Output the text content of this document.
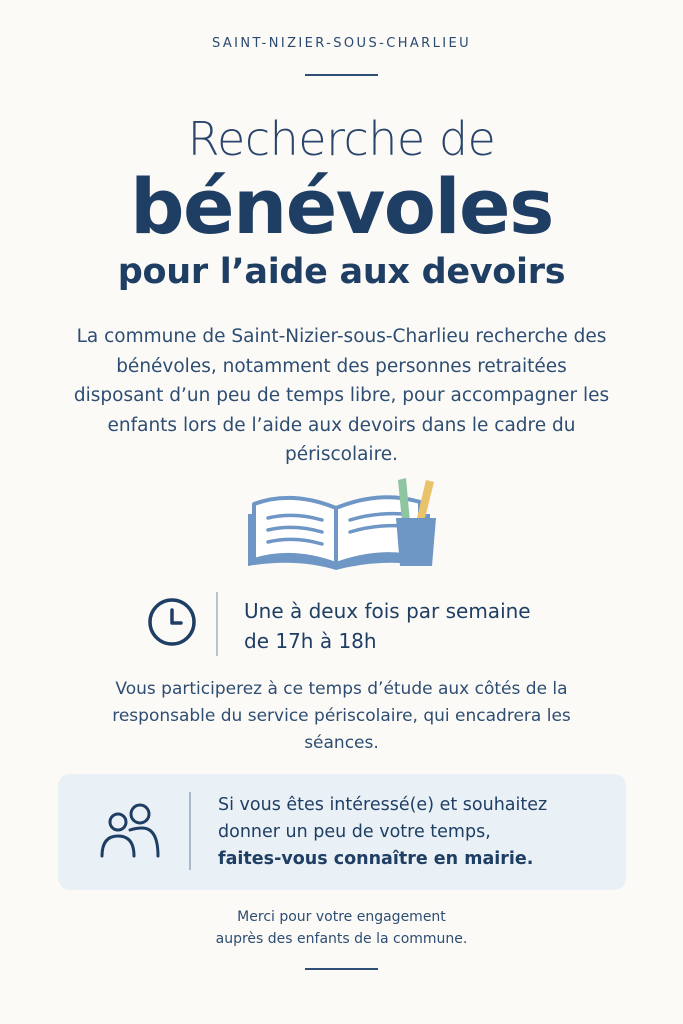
SAINT-NIZIER-SOUS-CHARLIEU
Recherche de
bénévoles
pour l’aide aux devoirs

La commune de Saint-Nizier-sous-Charlieu recherche des bénévoles, notamment des personnes retraitées disposant d’un peu de temps libre, pour accompagner les enfants lors de l’aide aux devoirs dans le cadre du périscolaire.

Une à deux fois par semaine
de 17h à 18h

Vous participerez à ce temps d’étude aux côtés de la responsable du service périscolaire, qui encadrera les séances.

Si vous êtes intéressé(e) et souhaitez
donner un peu de votre temps,
faites-vous connaître en mairie.
Merci pour votre engagement
auprès des enfants de la commune.
